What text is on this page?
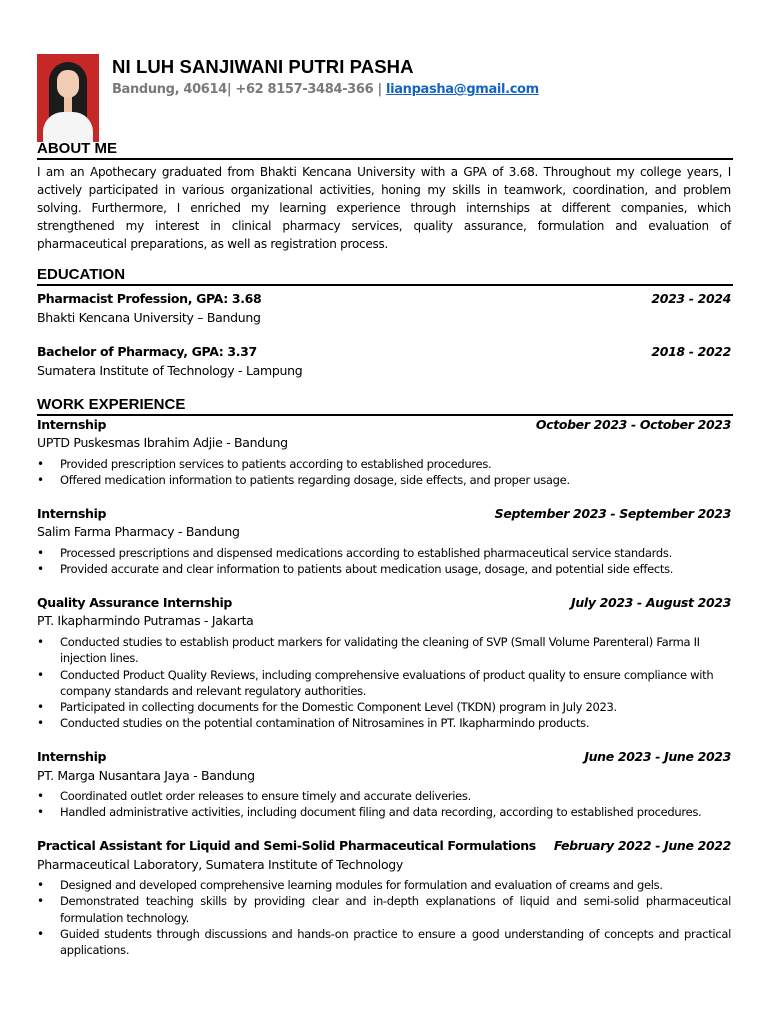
NI LUH SANJIWANI PUTRI PASHA
Bandung, 40614| +62 8157-3484-366 | lianpasha@gmail.com
ABOUT ME
I am an Apothecary graduated from Bhakti Kencana University with a GPA of 3.68. Throughout my college years, I actively participated in various organizational activities, honing my skills in teamwork, coordination, and problem solving. Furthermore, I enriched my learning experience through internships at different companies, which strengthened my interest in clinical pharmacy services, quality assurance, formulation and evaluation of pharmaceutical preparations, as well as registration process.
EDUCATION
Pharmacist Profession, GPA: 3.68	2023 - 2024
Bhakti Kencana University – Bandung
Bachelor of Pharmacy, GPA: 3.37	2018 - 2022
Sumatera Institute of Technology - Lampung
WORK EXPERIENCE
Internship	October 2023 - October 2023
UPTD Puskesmas Ibrahim Adjie - Bandung
• Provided prescription services to patients according to established procedures.
• Offered medication information to patients regarding dosage, side effects, and proper usage.
Internship	September 2023 - September 2023
Salim Farma Pharmacy - Bandung
• Processed prescriptions and dispensed medications according to established pharmaceutical service standards.
• Provided accurate and clear information to patients about medication usage, dosage, and potential side effects.
Quality Assurance Internship	July 2023 - August 2023
PT. Ikapharmindo Putramas - Jakarta
• Conducted studies to establish product markers for validating the cleaning of SVP (Small Volume Parenteral) Farma II injection lines.
• Conducted Product Quality Reviews, including comprehensive evaluations of product quality to ensure compliance with company standards and relevant regulatory authorities.
• Participated in collecting documents for the Domestic Component Level (TKDN) program in July 2023.
• Conducted studies on the potential contamination of Nitrosamines in PT. Ikapharmindo products.
Internship	June 2023 - June 2023
PT. Marga Nusantara Jaya - Bandung
• Coordinated outlet order releases to ensure timely and accurate deliveries.
• Handled administrative activities, including document filing and data recording, according to established procedures.
Practical Assistant for Liquid and Semi-Solid Pharmaceutical Formulations February 2022 - June 2022
Pharmaceutical Laboratory, Sumatera Institute of Technology
• Designed and developed comprehensive learning modules for formulation and evaluation of creams and gels.
• Demonstrated teaching skills by providing clear and in-depth explanations of liquid and semi-solid pharmaceutical formulation technology.
• Guided students through discussions and hands-on practice to ensure a good understanding of concepts and practical applications.
